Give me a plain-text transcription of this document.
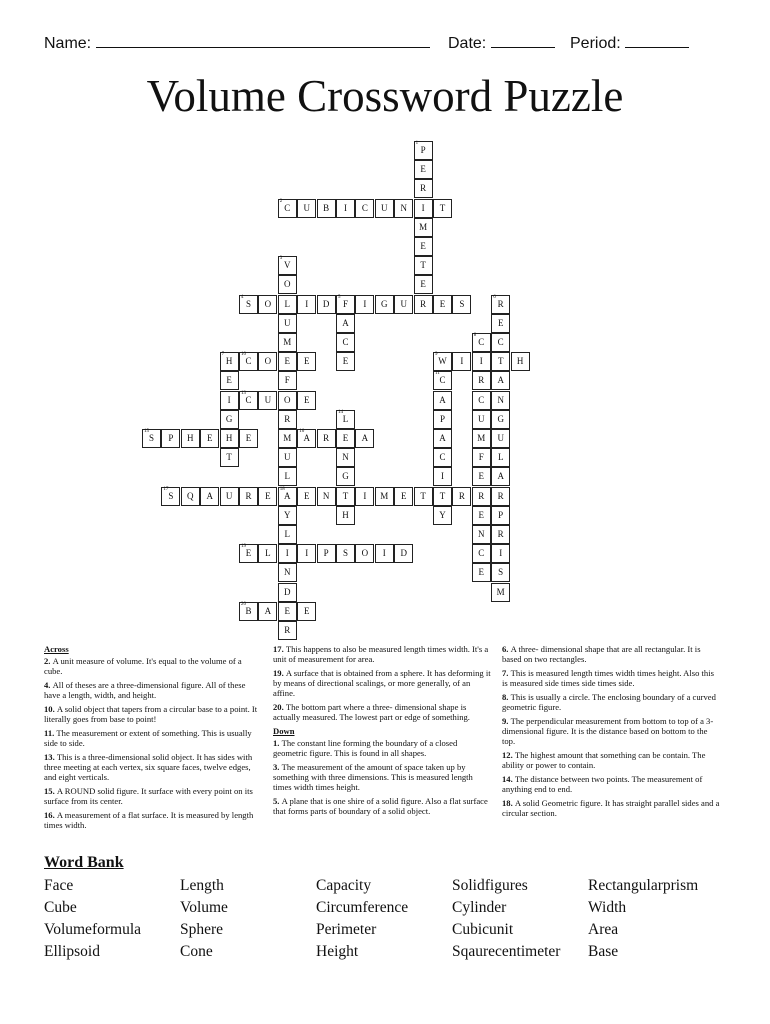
Name:	Date:	Period:
Volume Crossword Puzzle
P
1
E
R
I
M
E
T
E
R
C
2
U	B	I	C	U	N	T
V
3
O
L
U
M
E
F
O
R
M
U
L
A
18
S
4
O	I	D	F
5
I	G	U	E	S
A
C
E
R
6
E
C
T
A
N
G
U
L
A
R
P
R
I
S
M
H
7
E
I
G
H
T
C
8
I
R
C
U
M
F
E
R
E
N
C
E
W
9
I	H
C
10
O	E
C
11
A
P
A
C
I
T
Y
C
13
U	E
L
14
E
N
G
T
H
S
15
P	H	E	E	A
16
R	A
S
17
Q	A	U	R	E	E	N	I	M	E	T	R
Y
L
I
N
D
E
R
E
19
L	I	P	S	O	I	D
B
20
A	E

Across

2. A unit measure of volume. It's equal to the volume of a cube.

4. All of theses are a three-dimensional figure. All of these have a length, width, and height.

10. A solid object that tapers from a circular base to a point. It literally goes from base to point!

11. The measurement or extent of something. This is usually side to side.

13. This is a three-dimensional solid object. It has sides with three meeting at each vertex, six square faces, twelve edges, and eight verticals.

15. A ROUND solid figure. It surface with every point on its surface from its center.

16. A measurement of a flat surface. It is measured by length times width.

17. This happens to also be measured length times width. It's a unit of measurement for area.

19. A surface that is obtained from a sphere. It has deforming it by means of directional scalings, or more generally, of an affine.

20. The bottom part where a three- dimensional shape is actually measured. The lowest part or edge of something.

Down

1. The constant line forming the boundary of a closed geometric figure. This is found in all shapes.

3. The measurement of the amount of space taken up by something with three dimensions. This is measured length times width times height.

5. A plane that is one shire of a solid figure. Also a flat surface that forms parts of boundary of a solid object.

6. A three- dimensional shape that are all rectangular. It is based on two rectangles.

7. This is measured length times width times height. Also this is measured side times side times side.

8. This is usually a circle. The enclosing boundary of a curved geometric figure.

9. The perpendicular measurement from bottom to top of a 3- dimensional figure. It is the distance based on bottom to the top.

12. The highest amount that something can be contain. The ability or power to contain.

14. The distance between two points. The measurement of anything end to end.

18. A solid Geometric figure. It has straight parallel sides and a circular section.

Word Bank
Face
Cube
Volumeformula
Ellipsoid
Length
Volume
Sphere
Cone
Capacity
Circumference
Perimeter
Height
Solidfigures
Cylinder
Cubicunit
Sqaurecentimeter
Rectangularprism
Width
Area
Base
